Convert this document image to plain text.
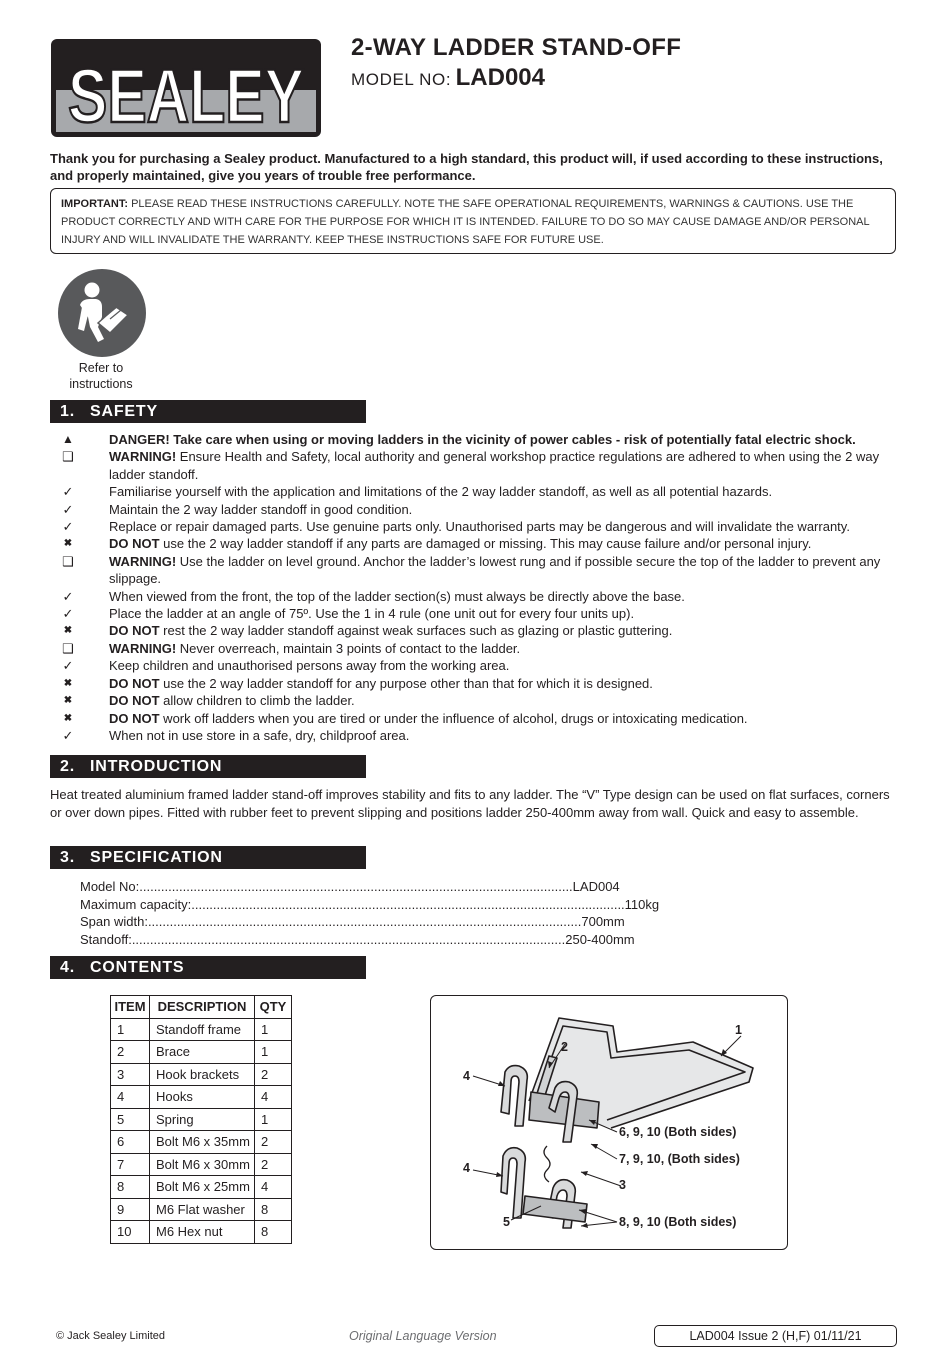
SEALEY
2-WAY LADDER STAND-OFF
MODEL NO: LAD004
Thank you for purchasing a Sealey product. Manufactured to a high standard, this product will, if used according to these instructions, and properly maintained, give you years of trouble free performance.
IMPORTANT: PLEASE READ THESE INSTRUCTIONS CAREFULLY. NOTE THE SAFE OPERATIONAL REQUIREMENTS, WARNINGS & CAUTIONS. USE THE PRODUCT CORRECTLY AND WITH CARE FOR THE PURPOSE FOR WHICH IT IS INTENDED. FAILURE TO DO SO MAY CAUSE DAMAGE AND/OR PERSONAL INJURY AND WILL INVALIDATE THE WARRANTY. KEEP THESE INSTRUCTIONS SAFE FOR FUTURE USE.
Refer to instructions
1. SAFETY
▲	DANGER! Take care when using or moving ladders in the vicinity of power cables - risk of potentially fatal electric shock.
❑	WARNING! Ensure Health and Safety, local authority and general workshop practice regulations are adhered to when using the 2 way ladder standoff.
✓	Familiarise yourself with the application and limitations of the 2 way ladder standoff, as well as all potential hazards.
✓	Maintain the 2 way ladder standoff in good condition.
✓	Replace or repair damaged parts. Use genuine parts only. Unauthorised parts may be dangerous and will invalidate the warranty.
✖	DO NOT use the 2 way ladder standoff if any parts are damaged or missing. This may cause failure and/or personal injury.
❑	WARNING! Use the ladder on level ground. Anchor the ladder’s lowest rung and if possible secure the top of the ladder to prevent any slippage.
✓	When viewed from the front, the top of the ladder section(s) must always be directly above the base.
✓	Place the ladder at an angle of 75º. Use the 1 in 4 rule (one unit out for every four units up).
✖	DO NOT rest the 2 way ladder standoff against weak surfaces such as glazing or plastic guttering.
❑	WARNING! Never overreach, maintain 3 points of contact to the ladder.
✓	Keep children and unauthorised persons away from the working area.
✖	DO NOT use the 2 way ladder standoff for any purpose other than that for which it is designed.
✖	DO NOT allow children to climb the ladder.
✖	DO NOT work off ladders when you are tired or under the influence of alcohol, drugs or intoxicating medication.
✓	When not in use store in a safe, dry, childproof area.
2. INTRODUCTION
Heat treated aluminium framed ladder stand-off improves stability and fits to any ladder. The “V” Type design can be used on flat surfaces, corners or over down pipes. Fitted with rubber feet to prevent slipping and positions ladder 250-400mm away from wall. Quick and easy to assemble.
3. SPECIFICATION
Model No: .....	LAD004
Maximum capacity: .....	110kg
Span width: .....	700mm
Standoff: .....	250-400mm
4. CONTENTS
ITEM	DESCRIPTION	QTY
1	Standoff frame	1
2	Brace	1
3	Hook brackets	2
4	Hooks	4
5	Spring	1
6	Bolt M6 x 35mm	2
7	Bolt M6 x 30mm	2
8	Bolt M6 x 25mm	4
9	M6 Flat washer	8
10	M6 Hex nut	8
1
2
3
4
4
5
6, 9, 10 (Both sides)
7, 9, 10, (Both sides)
8, 9, 10 (Both sides)
© Jack Sealey Limited	Original Language Version	LAD004 Issue 2 (H,F) 01/11/21
